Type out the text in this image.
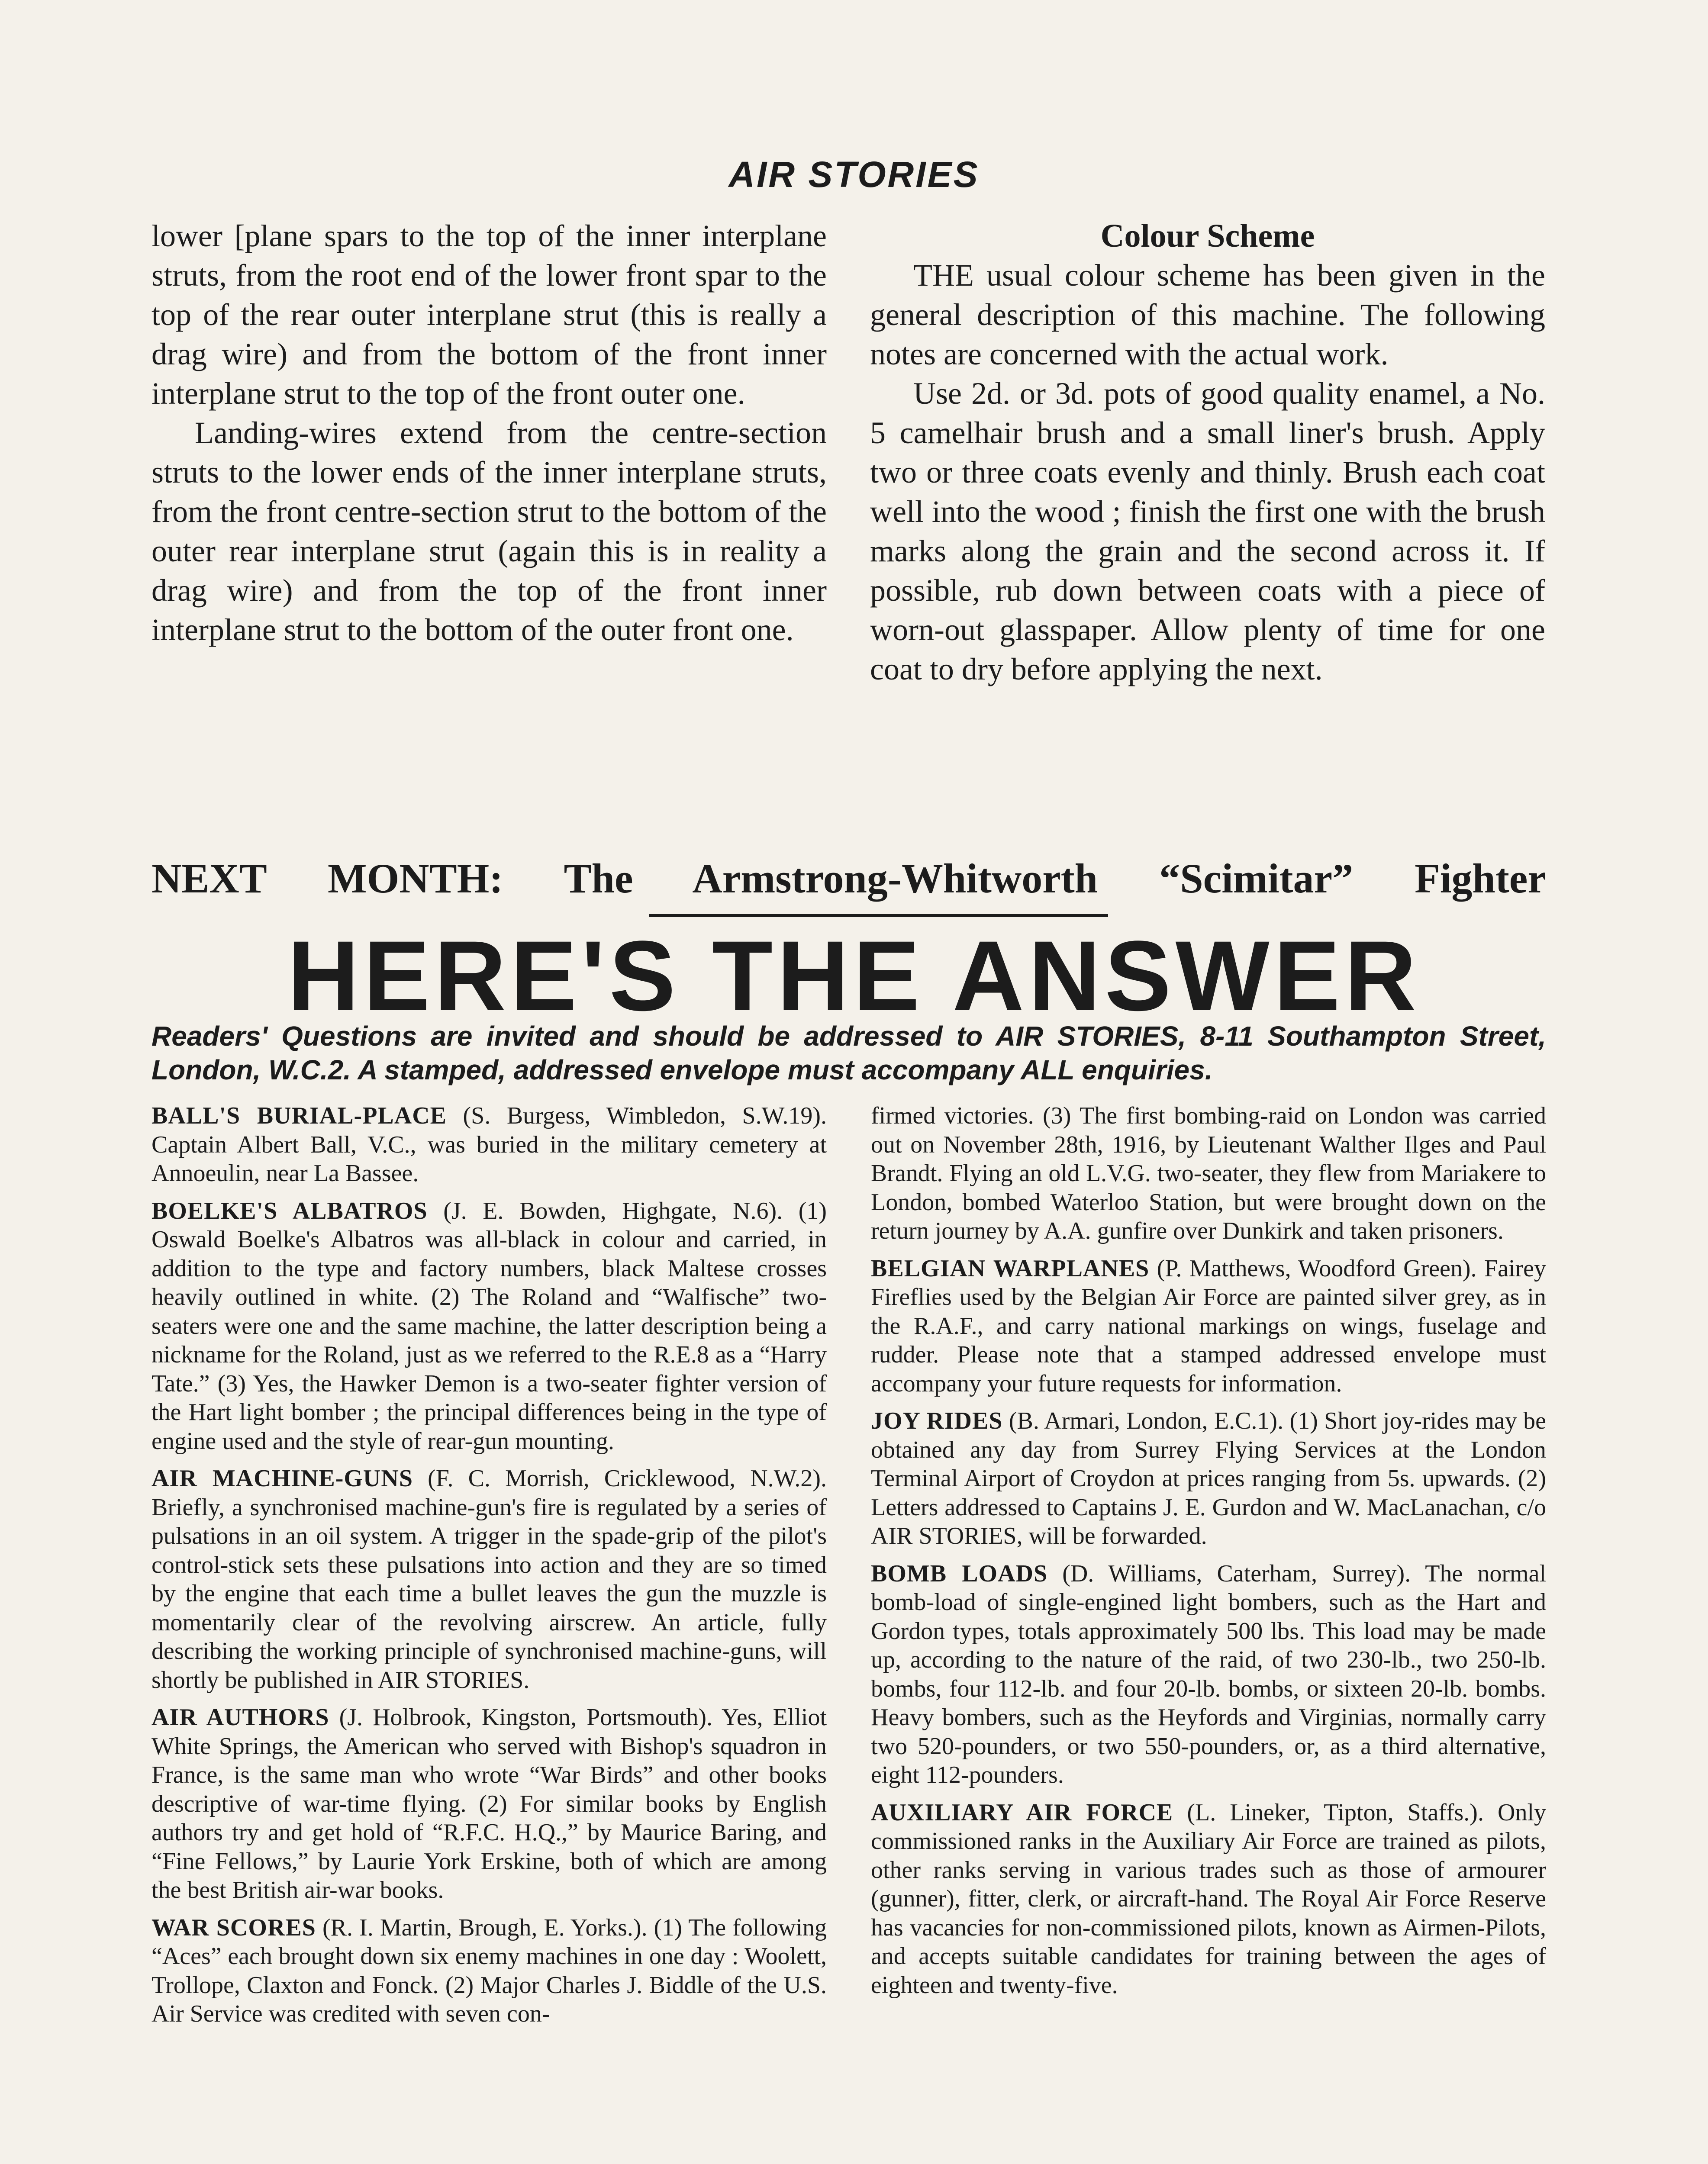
AIR STORIES

lower [plane spars to the top of the inner interplane struts, from the root end of the lower front spar to the top of the rear outer interplane strut (this is really a drag wire) and from the bottom of the front inner interplane strut to the top of the front outer one.

Landing-wires extend from the centre-section struts to the lower ends of the inner interplane struts, from the front centre-section strut to the bottom of the outer rear interplane strut (again this is in reality a drag wire) and from the top of the front inner interplane strut to the bottom of the outer front one.

Colour Scheme

THE usual colour scheme has been given in the general description of this machine. The following notes are concerned with the actual work.

Use 2d. or 3d. pots of good quality enamel, a No. 5 camelhair brush and a small liner's brush. Apply two or three coats evenly and thinly. Brush each coat well into the wood ; finish the first one with the brush marks along the grain and the second across it. If possible, rub down between coats with a piece of worn-out glasspaper. Allow plenty of time for one coat to dry before applying the next.

NEXT MONTH: The Armstrong-Whitworth “Scimitar” Fighter
HERE'S THE ANSWER
Readers' Questions are invited and should be addressed to AIR STORIES, 8-11 Southampton Street, London, W.C.2. A stamped, addressed envelope must accompany ALL enquiries.

BALL'S BURIAL-PLACE (S. Burgess, Wimbledon, S.W.19). Captain Albert Ball, V.C., was buried in the military cemetery at Annoeulin, near La Bassee.

BOELKE'S ALBATROS (J. E. Bowden, Highgate, N.6). (1) Oswald Boelke's Albatros was all-black in colour and carried, in addition to the type and factory numbers, black Maltese crosses heavily outlined in white. (2) The Roland and “Walfische” two-seaters were one and the same machine, the latter description being a nickname for the Roland, just as we referred to the R.E.8 as a “Harry Tate.” (3) Yes, the Hawker Demon is a two-seater fighter version of the Hart light bomber ; the principal differences being in the type of engine used and the style of rear-gun mounting.

AIR MACHINE-GUNS (F. C. Morrish, Cricklewood, N.W.2). Briefly, a synchronised machine-gun's fire is regulated by a series of pulsations in an oil system. A trigger in the spade-grip of the pilot's control-stick sets these pulsations into action and they are so timed by the engine that each time a bullet leaves the gun the muzzle is momentarily clear of the revolving airscrew. An article, fully describing the working principle of synchronised machine-guns, will shortly be published in AIR STORIES.

AIR AUTHORS (J. Holbrook, Kingston, Portsmouth). Yes, Elliot White Springs, the American who served with Bishop's squadron in France, is the same man who wrote “War Birds” and other books descriptive of war-time flying. (2) For similar books by English authors try and get hold of “R.F.C. H.Q.,” by Maurice Baring, and “Fine Fellows,” by Laurie York Erskine, both of which are among the best British air-war books.

WAR SCORES (R. I. Martin, Brough, E. Yorks.). (1) The following “Aces” each brought down six enemy machines in one day : Woolett, Trollope, Claxton and Fonck. (2) Major Charles J. Biddle of the U.S. Air Service was credited with seven con-

firmed victories. (3) The first bombing-raid on London was carried out on November 28th, 1916, by Lieutenant Walther Ilges and Paul Brandt. Flying an old L.V.G. two-seater, they flew from Mariakere to London, bombed Waterloo Station, but were brought down on the return journey by A.A. gunfire over Dunkirk and taken prisoners.

BELGIAN WARPLANES (P. Matthews, Woodford Green). Fairey Fireflies used by the Belgian Air Force are painted silver grey, as in the R.A.F., and carry national markings on wings, fuselage and rudder. Please note that a stamped addressed envelope must accompany your future requests for information.

JOY RIDES (B. Armari, London, E.C.1). (1) Short joy-rides may be obtained any day from Surrey Flying Services at the London Terminal Airport of Croydon at prices ranging from 5s. upwards. (2) Letters addressed to Captains J. E. Gurdon and W. MacLanachan, c/o AIR STORIES, will be forwarded.

BOMB LOADS (D. Williams, Caterham, Surrey). The normal bomb-load of single-engined light bombers, such as the Hart and Gordon types, totals approximately 500 lbs. This load may be made up, according to the nature of the raid, of two 230-lb., two 250-lb. bombs, four 112-lb. and four 20-lb. bombs, or sixteen 20-lb. bombs. Heavy bombers, such as the Heyfords and Virginias, normally carry two 520-pounders, or two 550-pounders, or, as a third alternative, eight 112-pounders.

AUXILIARY AIR FORCE (L. Lineker, Tipton, Staffs.). Only commissioned ranks in the Auxiliary Air Force are trained as pilots, other ranks serving in various trades such as those of armourer (gunner), fitter, clerk, or aircraft-hand. The Royal Air Force Reserve has vacancies for non-commissioned pilots, known as Airmen-Pilots, and accepts suitable candidates for training between the ages of eighteen and twenty-five.
